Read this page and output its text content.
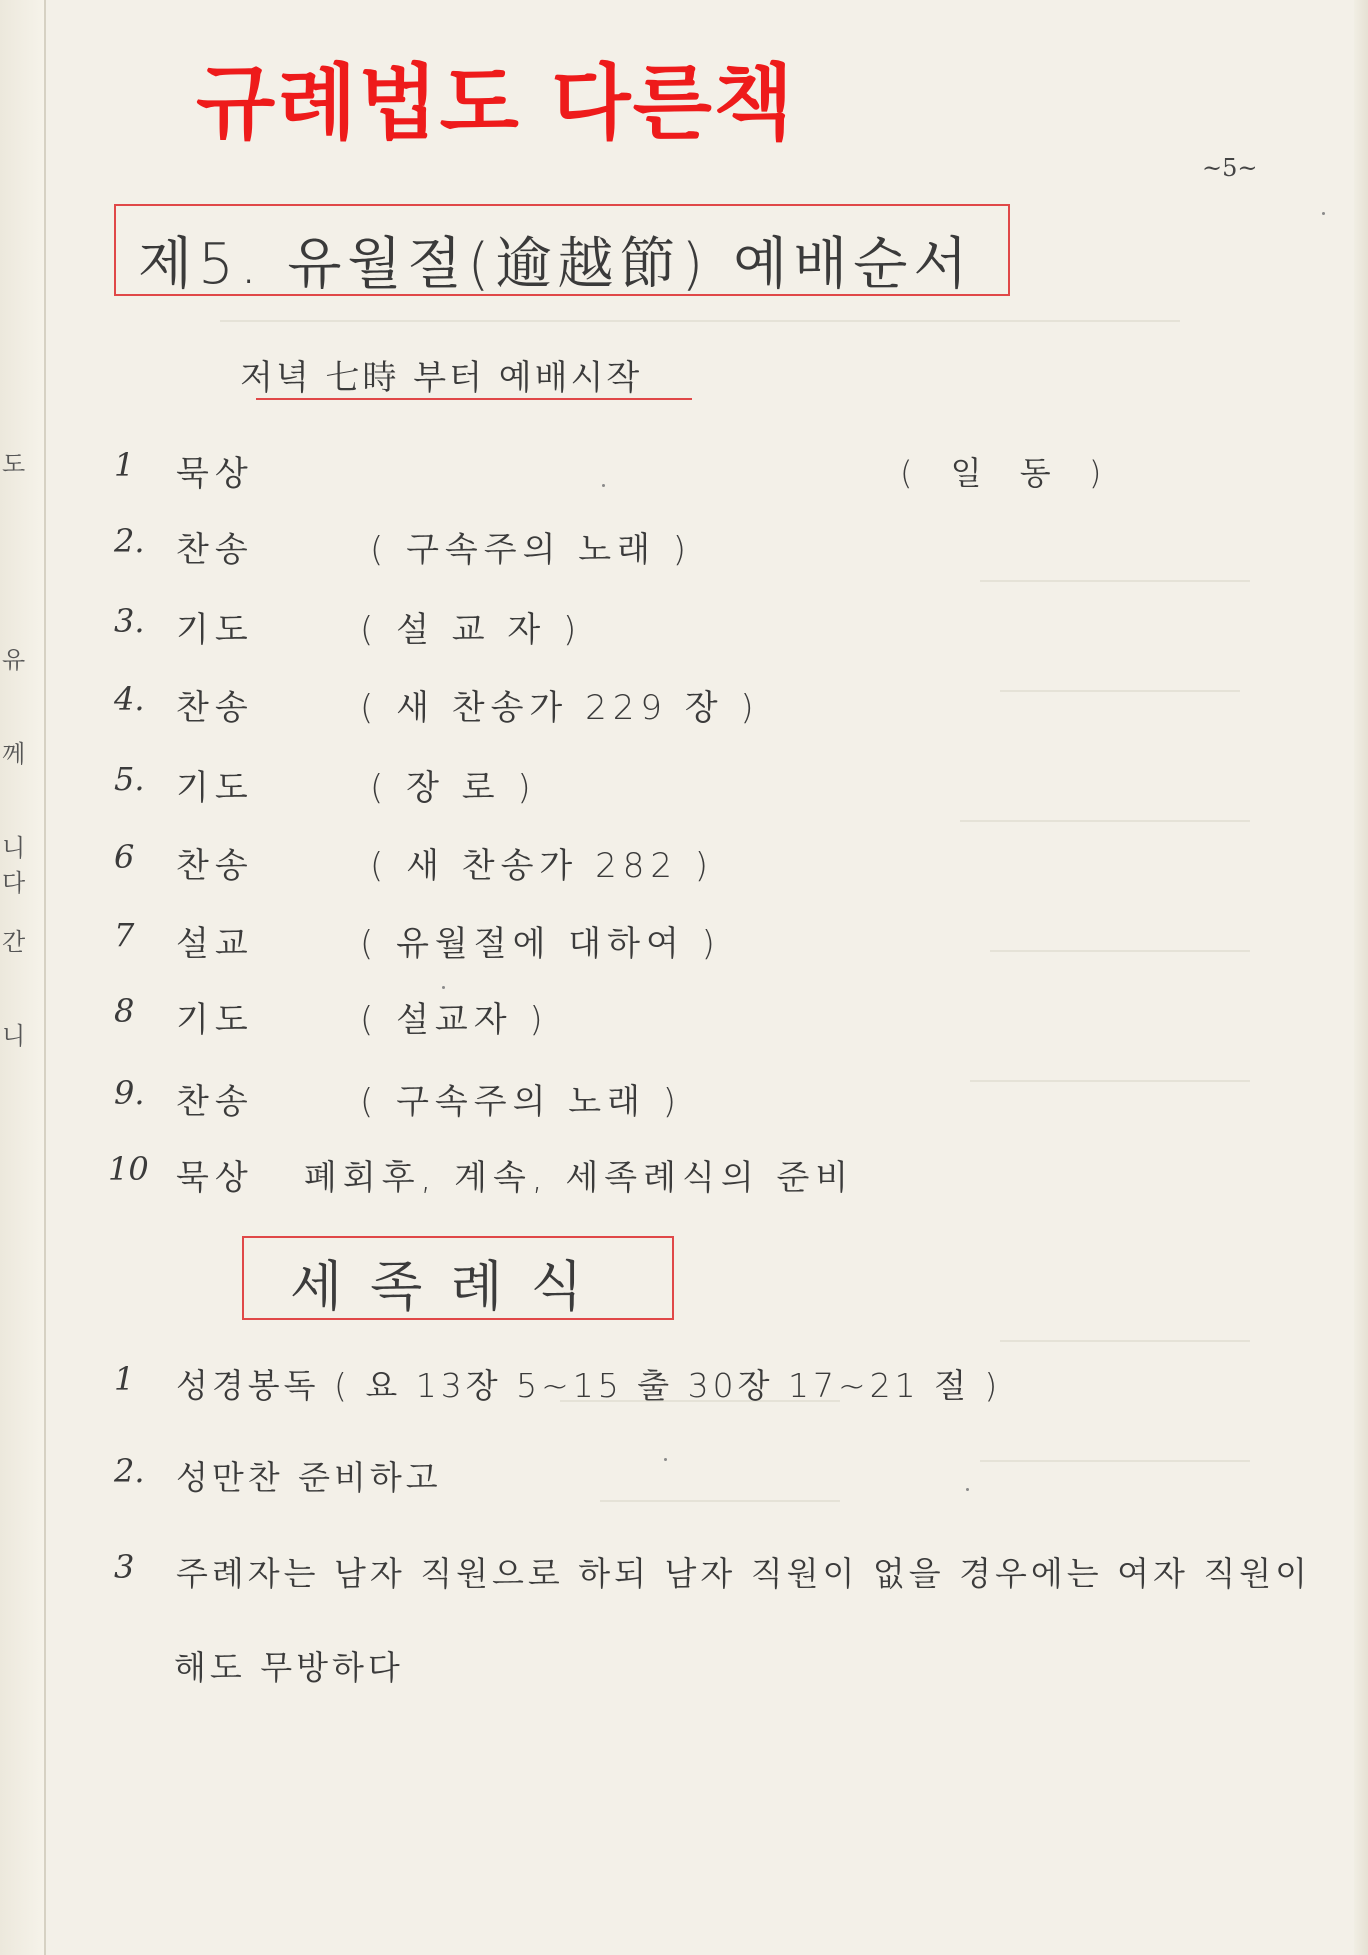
도
유
께
니다
간
니
규례법도 다른책
~5~
제5. 유월절(逾越節) 예배순서
저녁 七時 부터 예배시작
1 묵상	( 일 동 )
2. 찬송	( 구속주의 노래 )
3. 기도	( 설 교 자 )
4. 찬송	( 새 찬송가 229 장 )
5. 기도	( 장 로 )
6 찬송	( 새 찬송가 282 )
7 설교	( 유월절에 대하여 )
8 기도	( 설교자 )
9. 찬송	( 구속주의 노래 )
10 묵상 폐회후, 계속, 세족례식의 준비
세족례식
1 성경봉독 ( 요 13장 5~15 출 30장 17~21 절 )
2. 성만찬 준비하고
3 주례자는 남자 직원으로 하되 남자 직원이 없을 경우에는 여자 직원이
해도 무방하다
